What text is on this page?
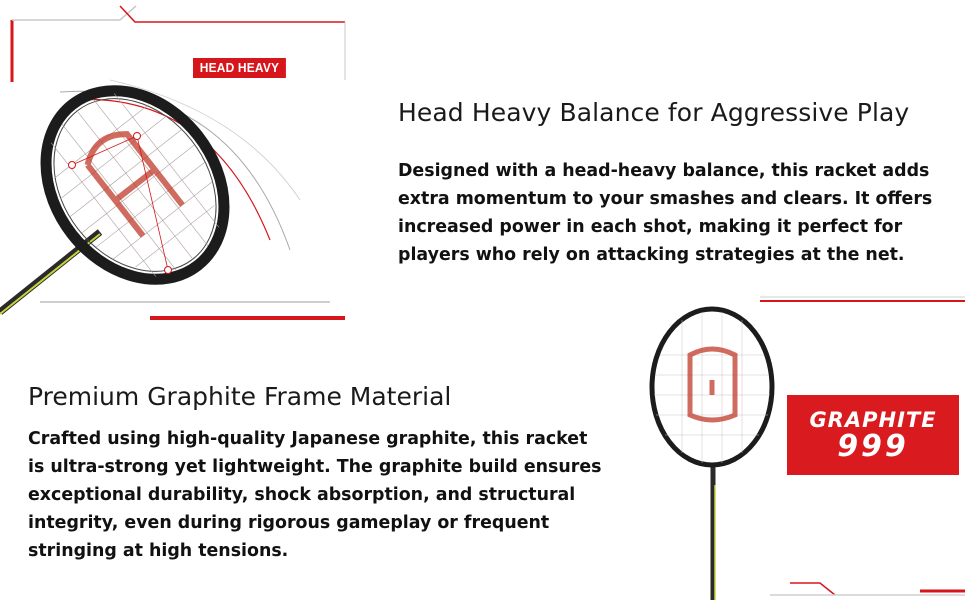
HEAD HEAVY
Head Heavy Balance for Aggressive Play

Designed with a head-heavy balance, this racket adds extra momentum to your smashes and clears. It offers increased power in each shot, making it perfect for players who rely on attacking strategies at the net.

GRAPHITE
999
Premium Graphite Frame Material

Crafted using high-quality Japanese graphite, this racket is ultra-strong yet lightweight. The graphite build ensures exceptional durability, shock absorption, and structural integrity, even during rigorous gameplay or frequent stringing at high tensions.
